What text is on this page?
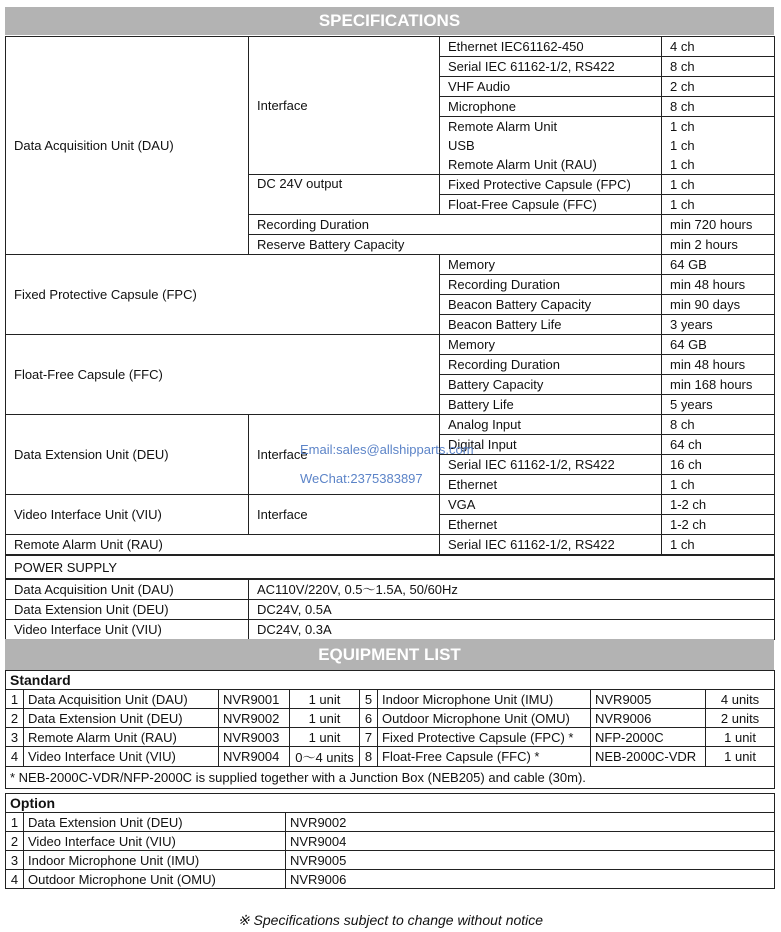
SPECIFICATIONS
Data Acquisition Unit (DAU)	Interface	Ethernet IEC61162-450	4 ch
		Serial IEC 61162-1/2, RS422	8 ch
		VHF Audio	2 ch
		Microphone	8 ch
		Remote Alarm Unit	1 ch
		USB	1 ch
		Remote Alarm Unit (RAU)	1 ch
	DC 24V output	Fixed Protective Capsule (FPC)	1 ch
		Float-Free Capsule (FFC)	1 ch
	Recording Duration		min 720 hours
	Reserve Battery Capacity		min 2 hours
Fixed Protective Capsule (FPC)		Memory	64 GB
		Recording Duration	min 48 hours
		Beacon Battery Capacity	min 90 days
		Beacon Battery Life	3 years
Float-Free Capsule (FFC)		Memory	64 GB
		Recording Duration	min 48 hours
		Battery Capacity	min 168 hours
		Battery Life	5 years
Data Extension Unit (DEU)	Interface	Analog Input	8 ch
		Digital Input	64 ch
		Serial IEC 61162-1/2, RS422	16 ch
		Ethernet	1 ch
Video Interface Unit (VIU)	Interface	VGA	1-2 ch
		Ethernet	1-2 ch
Remote Alarm Unit (RAU)		Serial IEC 61162-1/2, RS422	1 ch
POWER SUPPLY			
Data Acquisition Unit (DAU)	AC110V/220V, 0.5～1.5A, 50/60Hz		
Data Extension Unit (DEU)	DC24V, 0.5A		
Video Interface Unit (VIU)	DC24V, 0.3A		
Email:sales@allshipparts.com
WeChat:2375383897
EQUIPMENT LIST
Standard							
1	Data Acquisition Unit (DAU)	NVR9001	1 unit	5	Indoor Microphone Unit (IMU)	NVR9005	4 units
2	Data Extension Unit (DEU)	NVR9002	1 unit	6	Outdoor Microphone Unit (OMU)	NVR9006	2 units
3	Remote Alarm Unit (RAU)	NVR9003	1 unit	7	Fixed Protective Capsule (FPC) *	NFP-2000C	1 unit
4	Video Interface Unit (VIU)	NVR9004	0～4 units	8	Float-Free Capsule (FFC) *	NEB-2000C-VDR	1 unit
* NEB-2000C-VDR/NFP-2000C is supplied together with a Junction Box (NEB205) and cable (30m).							
Option		
1	Data Extension Unit (DEU)	NVR9002
2	Video Interface Unit (VIU)	NVR9004
3	Indoor Microphone Unit (IMU)	NVR9005
4	Outdoor Microphone Unit (OMU)	NVR9006
※ Specifications subject to change without notice
